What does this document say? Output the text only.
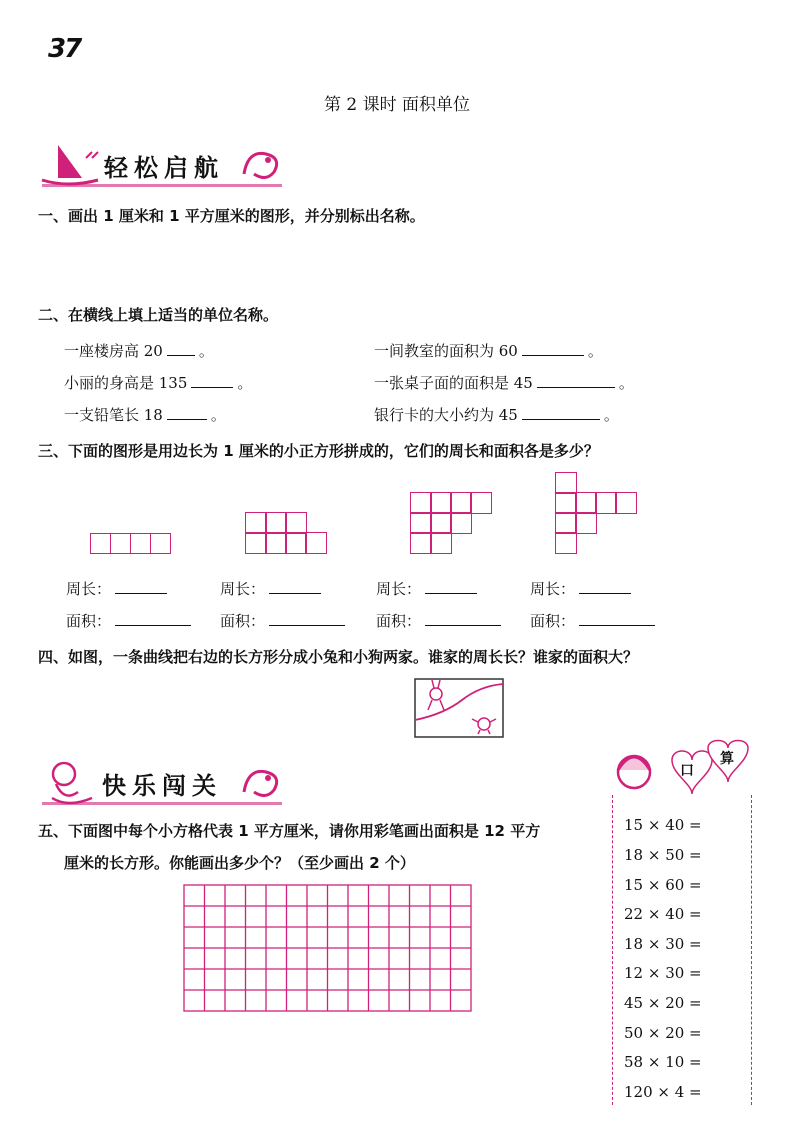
37
第 2 课时 面积单位
轻松启航
一、画出 1 厘米和 1 平方厘米的图形，并分别标出名称。
二、在横线上填上适当的单位名称。
一座楼房高 20 。	一间教室的面积为 60	。
小丽的身高是 135	。	一张桌子面的面积是 45	。
一支铅笔长 18	。	银行卡的大小约为 45	。
三、下面的图形是用边长为 1 厘米的小正方形拼成的，它们的周长和面积各是多少？
周长：	周长：	周长：	周长：
面积：	面积：	面积：	面积：
四、如图，一条曲线把右边的长方形分成小兔和小狗两家。谁家的周长长？谁家的面积大？
快乐闯关
五、下面图中每个小方格代表 1 平方厘米，请你用彩笔画出面积是 12 平方
厘米的长方形。你能画出多少个？（至少画出 2 个）
口
算
15 × 40 =
18 × 50 =
15 × 60 =
22 × 40 =
18 × 30 =
12 × 30 =
45 × 20 =
50 × 20 =
58 × 10 =
120 × 4 =
